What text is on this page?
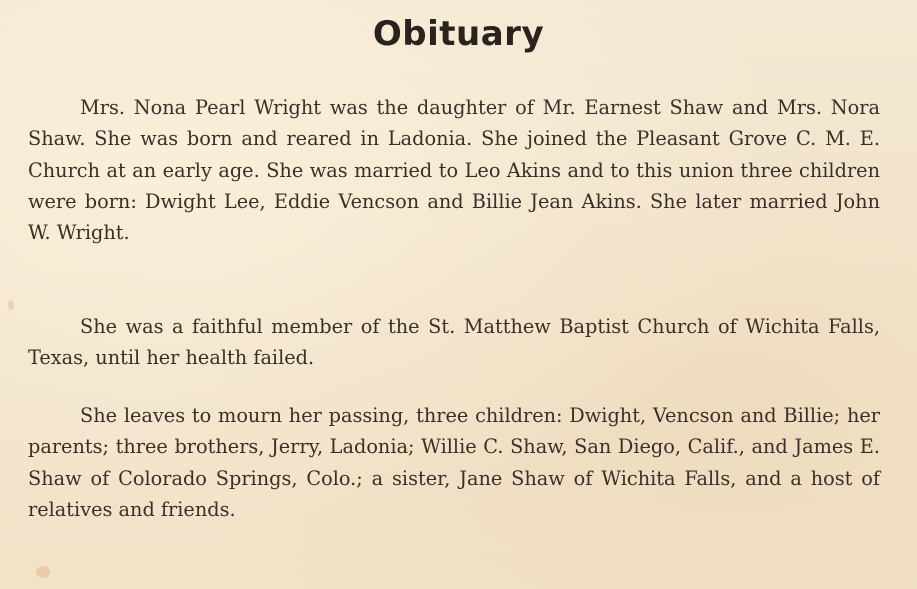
Obituary

Mrs. Nona Pearl Wright was the daughter of Mr. Earnest Shaw and Mrs. Nora Shaw. She was born and reared in Ladonia. She joined the Pleasant Grove C. M. E. Church at an early age. She was married to Leo Akins and to this union three children were born: Dwight Lee, Eddie Vencson and Billie Jean Akins. She later married John W. Wright.

She was a faithful member of the St. Matthew Baptist Church of Wichita Falls, Texas, until her health failed.

She leaves to mourn her passing, three children: Dwight, Vencson and Billie; her parents; three brothers, Jerry, Ladonia; Willie C. Shaw, San Diego, Calif., and James E. Shaw of Colorado Springs, Colo.; a sister, Jane Shaw of Wichita Falls, and a host of relatives and friends.
